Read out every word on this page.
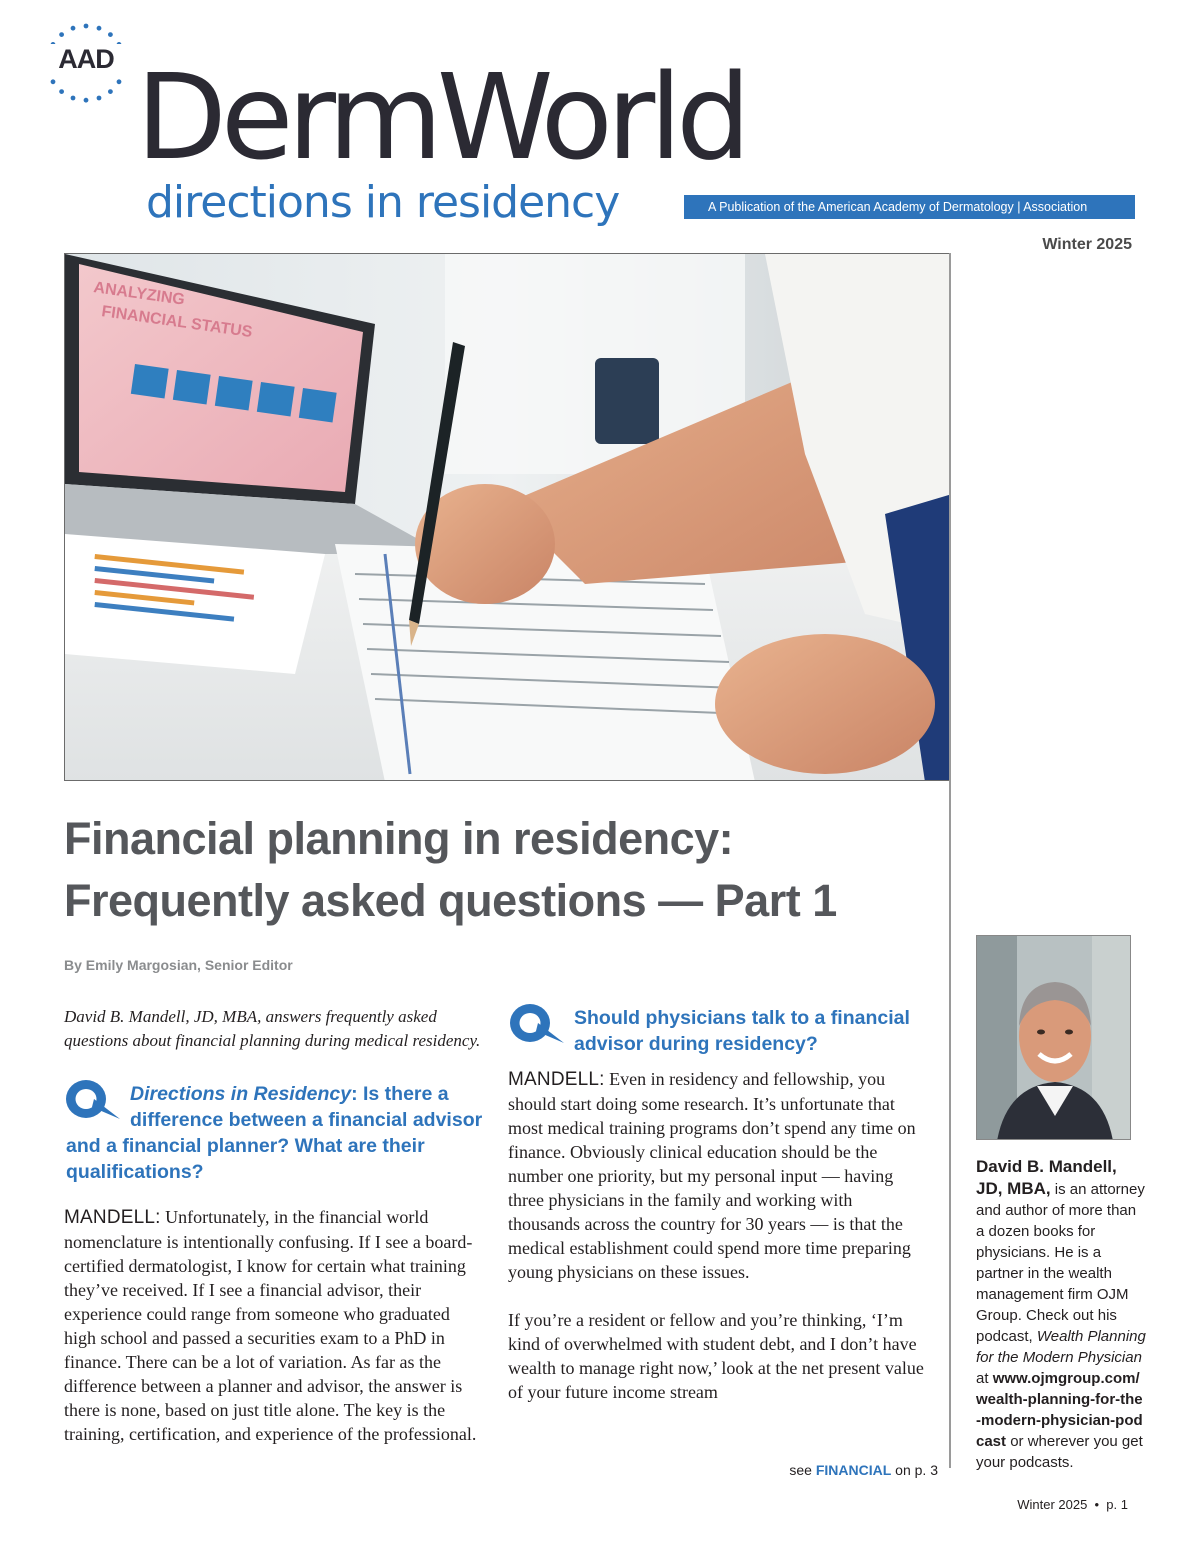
AAD DermWorld
directions in residency	A Publication of the American Academy of Dermatology | Association
Winter 2025
ANALYZING
FINANCIAL STATUS
Financial planning in residency:
Frequently asked questions — Part 1
By Emily Margosian, Senior Editor

David B. Mandell, JD, MBA, answers frequently asked questions about financial planning during medical residency.

Directions in Residency: Is there a difference between a financial advisor and a financial planner? What are their qualifications?

MANDELL: Unfortunately, in the financial world nomenclature is intentionally confusing. If I see a board-certified dermatologist, I know for certain what training they’ve received. If I see a financial advisor, their experience could range from someone who graduated high school and passed a securities exam to a PhD in finance. There can be a lot of variation. As far as the difference between a planner and advisor, the answer is there is none, based on just title alone. The key is the training, certification, and experience of the professional.

Should physicians talk to a financial advisor during residency?

MANDELL: Even in residency and fellowship, you should start doing some research. It’s unfortunate that most medical training programs don’t spend any time on finance. Obviously clinical education should be the number one priority, but my personal input — having three physicians in the family and working with thousands across the country for 30 years — is that the medical establishment could spend more time preparing young physicians on these issues.

If you’re a resident or fellow and you’re thinking, ‘I’m kind of overwhelmed with student debt, and I don’t have wealth to manage right now,’ look at the net present value of your future income stream

see FINANCIAL on p. 3
David B. Mandell, JD, MBA, is an attorney and author of more than a dozen books for physicians. He is a partner in the wealth management firm OJM Group. Check out his podcast, Wealth Planning for the Modern Physician at www.ojmgroup.com/wealth-planning-for-the-modern-physician-podcast or wherever you get your podcasts.
Winter 2025  •  p. 1
